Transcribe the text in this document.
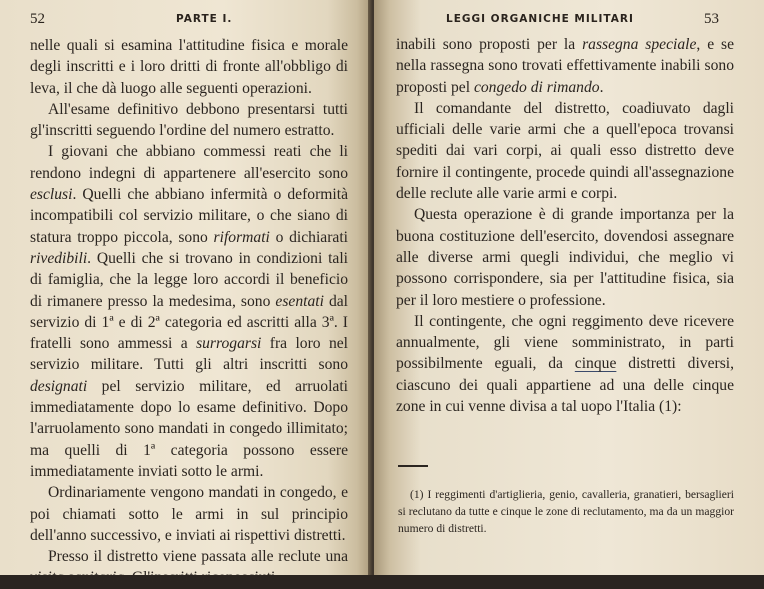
52	PARTE I.

nelle quali si esamina l'attitudine fisica e morale degli inscritti e i loro dritti di fronte all'obbligo di leva, il che dà luogo alle seguenti operazioni.

All'esame definitivo debbono presentarsi tutti gl'inscritti seguendo l'ordine del numero estratto.

I giovani che abbiano commessi reati che li rendono indegni di appartenere all'esercito sono esclusi. Quelli che abbiano infermità o deformità incompatibili col servizio militare, o che siano di statura troppo piccola, sono riformati o dichiarati rivedibili. Quelli che si trovano in condizioni tali di famiglia, che la legge loro accordi il beneficio di rimanere presso la medesima, sono esentati dal servizio di 1ª e di 2ª categoria ed ascritti alla 3ª. I fratelli sono ammessi a surrogarsi fra loro nel servizio militare. Tutti gli altri inscritti sono designati pel servizio militare, ed arruolati immediatamente dopo lo esame definitivo. Dopo l'arruolamento sono mandati in congedo illimitato; ma quelli di 1ª categoria possono essere immediatamente inviati sotto le armi.

Ordinariamente vengono mandati in congedo, e poi chiamati sotto le armi in sul principio dell'anno successivo, e inviati ai rispettivi distretti.

Presso il distretto viene passata alle reclute una visita sanitaria. Gl'inscritti riconosciuti

LEGGI ORGANICHE MILITARI	53

inabili sono proposti per la rassegna speciale, e se nella rassegna sono trovati effettivamente inabili sono proposti pel congedo di rimando.

Il comandante del distretto, coadiuvato dagli ufficiali delle varie armi che a quell'epoca trovansi spediti dai vari corpi, ai quali esso distretto deve fornire il contingente, procede quindi all'assegnazione delle reclute alle varie armi e corpi.

Questa operazione è di grande importanza per la buona costituzione dell'esercito, dovendosi assegnare alle diverse armi quegli individui, che meglio vi possono corrispondere, sia per l'attitudine fisica, sia per il loro mestiere o professione.

Il contingente, che ogni reggimento deve ricevere annualmente, gli viene somministrato, in parti possibilmente eguali, da cinque distretti diversi, ciascuno dei quali appartiene ad una delle cinque zone in cui venne divisa a tal uopo l'Italia (1):

(1) I reggimenti d'artiglieria, genio, cavalleria, granatieri, bersaglieri si reclutano da tutte e cinque le zone di reclutamento, ma da un maggior numero di distretti.
